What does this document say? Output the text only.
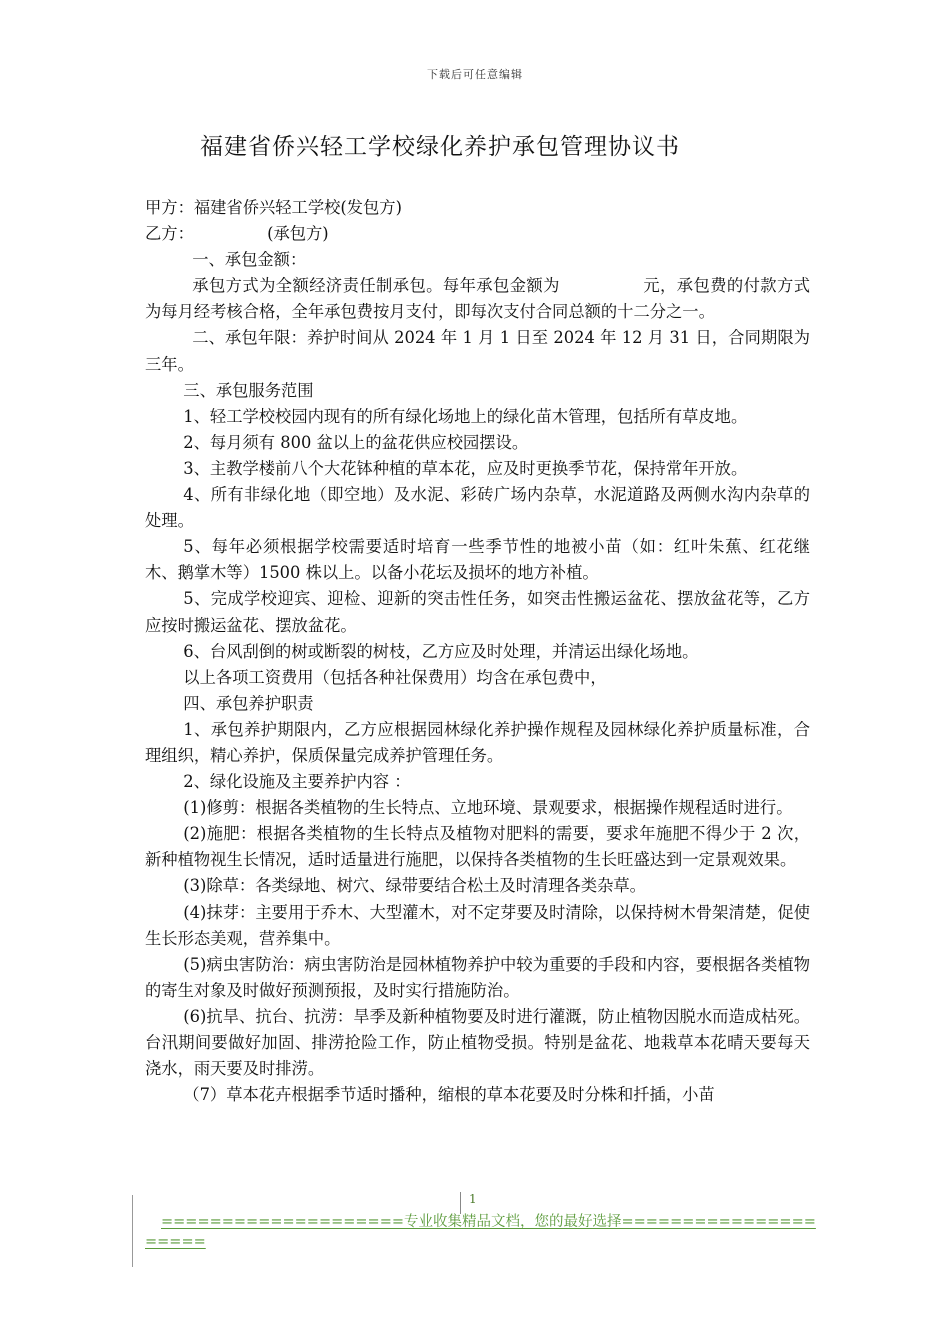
下载后可任意编辑
福建省侨兴轻工学校绿化养护承包管理协议书

甲方：福建省侨兴轻工学校(发包方)

乙方：　　　　　(承包方)

一、承包金额：

承包方式为全额经济责任制承包。每年承包金额为　　　　　元，承包费的付款方式为每月经考核合格，全年承包费按月支付，即每次支付合同总额的十二分之一。

二、承包年限：养护时间从 2024 年 1 月 1 日至 2024 年 12 月 31 日，合同期限为三年。

三、承包服务范围

1、轻工学校校园内现有的所有绿化场地上的绿化苗木管理，包括所有草皮地。

2、每月须有 800 盆以上的盆花供应校园摆设。

3、主教学楼前八个大花钵种植的草本花，应及时更换季节花，保持常年开放。

4、所有非绿化地（即空地）及水泥、彩砖广场内杂草，水泥道路及两侧水沟内杂草的处理。

5、每年必须根据学校需要适时培育一些季节性的地被小苗（如：红叶朱蕉、红花继木、鹅掌木等）1500 株以上。以备小花坛及损坏的地方补植。

5、完成学校迎宾、迎检、迎新的突击性任务，如突击性搬运盆花、摆放盆花等，乙方应按时搬运盆花、摆放盆花。

6、台风刮倒的树或断裂的树枝，乙方应及时处理，并清运出绿化场地。

以上各项工资费用（包括各种社保费用）均含在承包费中，

四、承包养护职责

1、承包养护期限内，乙方应根据园林绿化养护操作规程及园林绿化养护质量标准，合理组织，精心养护，保质保量完成养护管理任务。

2、绿化设施及主要养护内容 ：

(1)修剪：根据各类植物的生长特点、立地环境、景观要求，根据操作规程适时进行。

(2)施肥：根据各类植物的生长特点及植物对肥料的需要，要求年施肥不得少于 2 次，新种植物视生长情况，适时适量进行施肥，以保持各类植物的生长旺盛达到一定景观效果。

(3)除草：各类绿地、树穴、绿带要结合松土及时清理各类杂草。

(4)抹芽：主要用于乔木、大型灌木，对不定芽要及时清除，以保持树木骨架清楚，促使生长形态美观，营养集中。

(5)病虫害防治：病虫害防治是园林植物养护中较为重要的手段和内容，要根据各类植物的寄生对象及时做好预测预报，及时实行措施防治。

(6)抗旱、抗台、抗涝：旱季及新种植物要及时进行灌溉，防止植物因脱水而造成枯死。台汛期间要做好加固、排涝抢险工作，防止植物受损。特别是盆花、地栽草本花晴天要每天浇水，雨天要及时排涝。

（7）草本花卉根据季节适时播种，缩根的草本花要及时分株和扦插，小苗

1
====================专业收集精品文档，您的最好选择=====================
